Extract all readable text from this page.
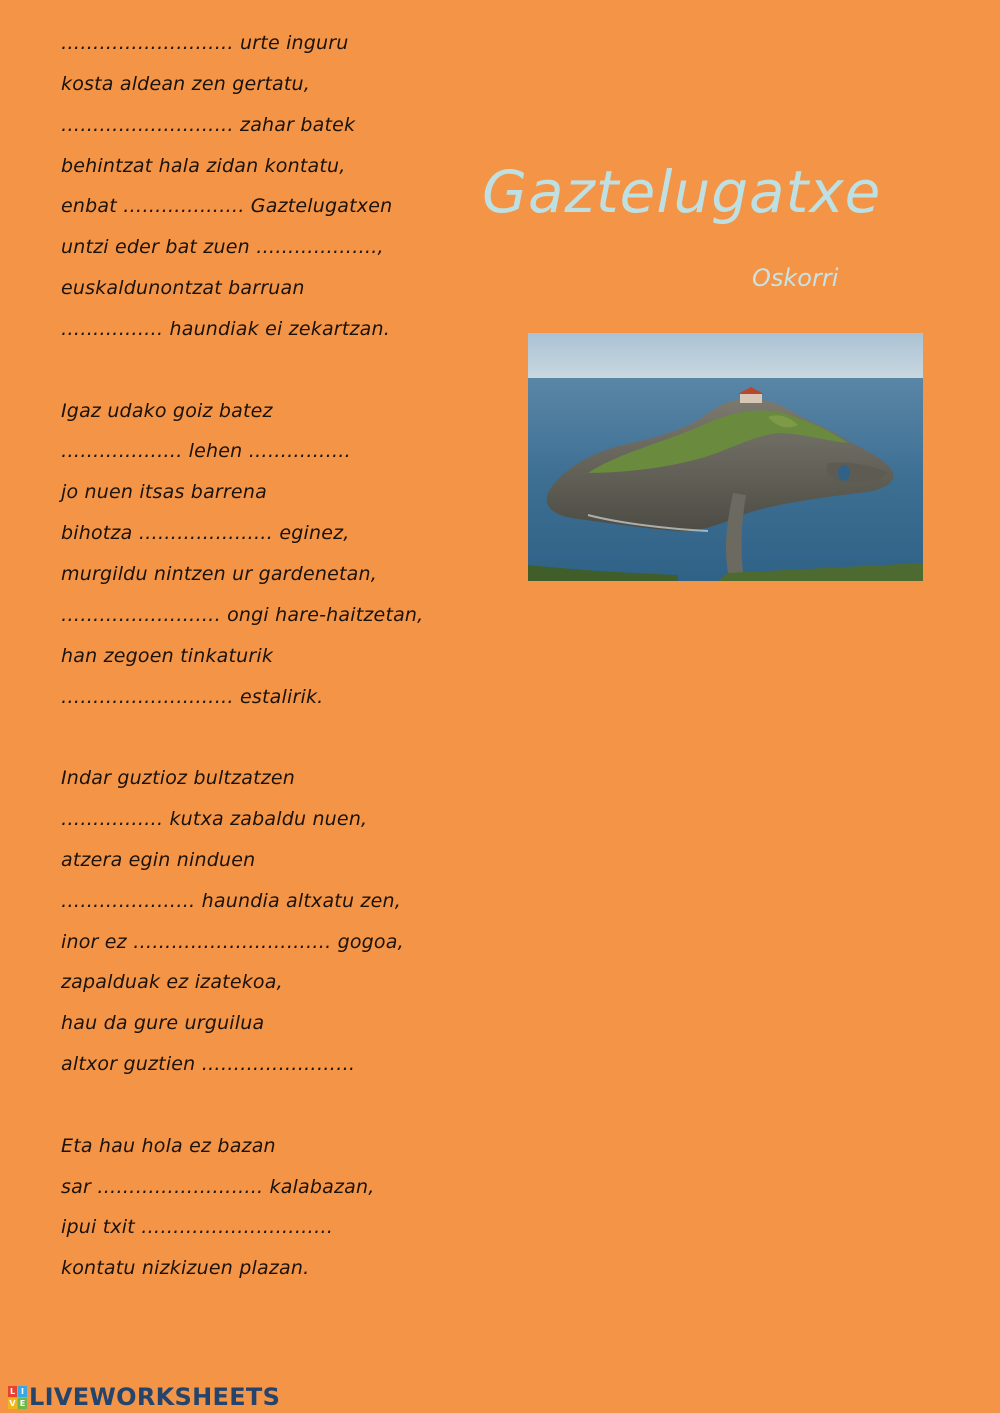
……………………… urte inguru
kosta aldean zen gertatu,
……………………… zahar batek
behintzat hala zidan kontatu,
enbat ………………. Gaztelugatxen
untzi eder bat zuen ……………….,
euskaldunontzat barruan
……………. haundiak ei zekartzan.
Igaz udako goiz batez
………………. lehen …………….
jo nuen itsas barrena
bihotza ………………… eginez,
murgildu nintzen ur gardenetan,
……………………. ongi hare-haitzetan,
han zegoen tinkaturik
……………………… estalirik.
Indar guztioz bultzatzen
……………. kutxa zabaldu nuen,
atzera egin ninduen
………………… haundia altxatu zen,
inor ez …………………………. gogoa,
zapalduak ez izatekoa,
hau da gure urguilua
altxor guztien ……………………
Eta hau hola ez bazan
sar …………………….. kalabazan,
ipui txit …………………………
kontatu nizkizuen plazan.
Gaztelugatxe
Oskorri
L I
V E LIVEWORKSHEETS
